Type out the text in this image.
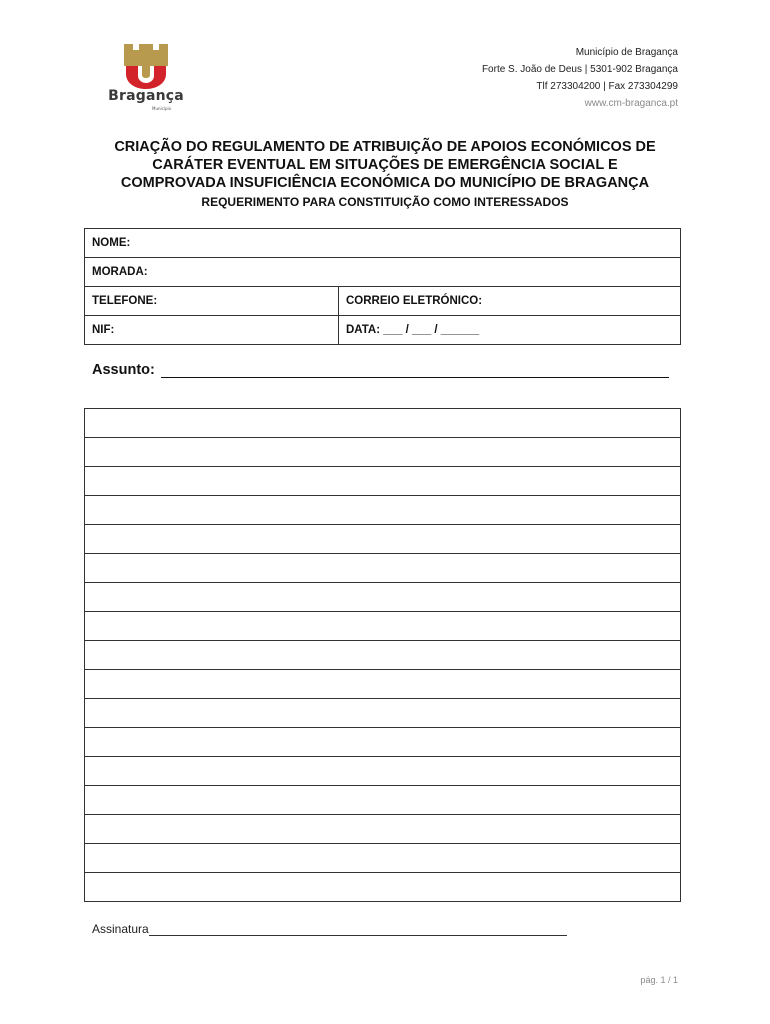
Bragança
Município
Município de Bragança
Forte S. João de Deus | 5301-902 Bragança
Tlf 273304200 | Fax 273304299
www.cm-braganca.pt
CRIAÇÃO DO REGULAMENTO DE ATRIBUIÇÃO DE APOIOS ECONÓMICOS DE
CARÁTER EVENTUAL EM SITUAÇÕES DE EMERGÊNCIA SOCIAL E
COMPROVADA INSUFICIÊNCIA ECONÓMICA DO MUNICÍPIO DE BRAGANÇA
REQUERIMENTO PARA CONSTITUIÇÃO COMO INTERESSADOS
NOME:	
MORADA:	
TELEFONE:	CORREIO ELETRÓNICO:
NIF:	DATA: ___ / ___ / ______
Assunto:

Assinatura
pág. 1 / 1
